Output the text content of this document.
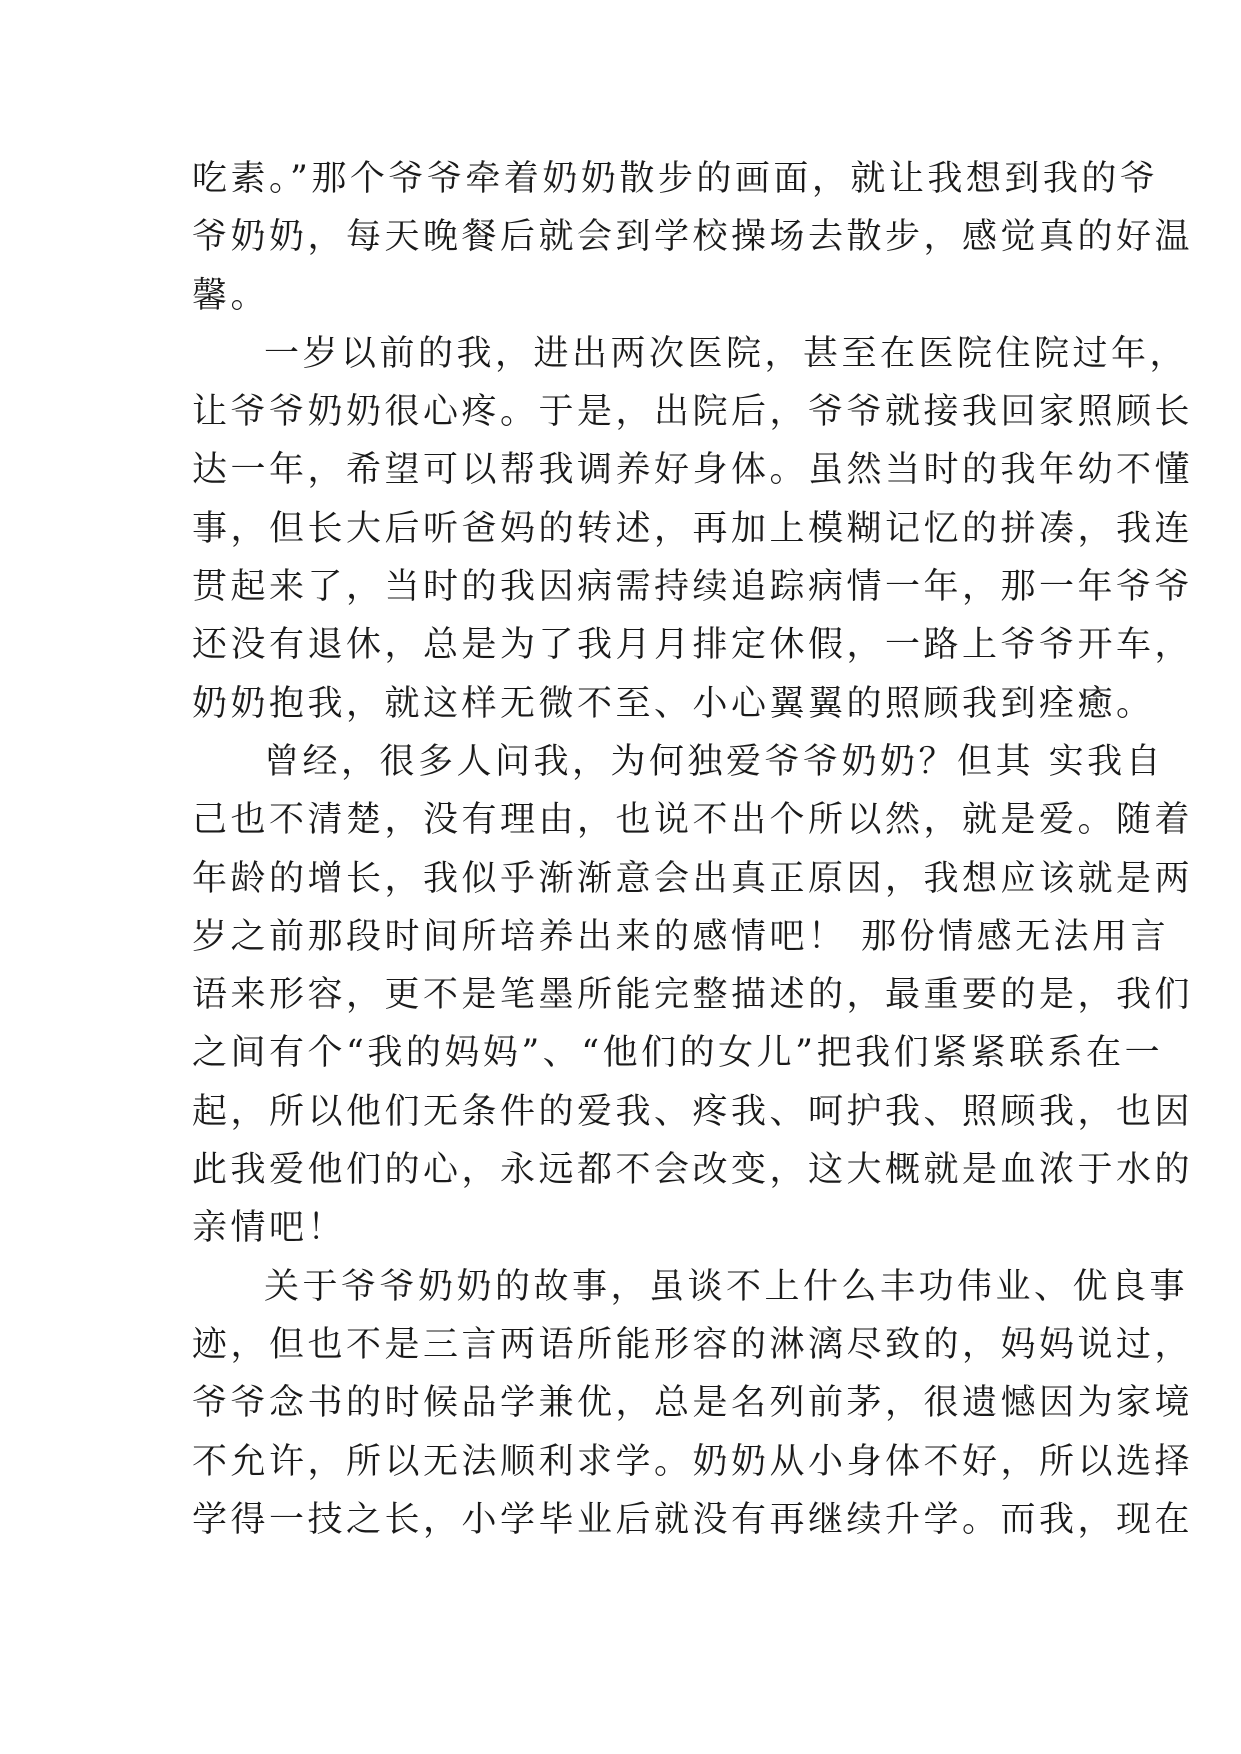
吃素。”那个爷爷牵着奶奶散步的画面，就让我想到我的爷
爷奶奶，每天晚餐后就会到学校操场去散步，感觉真的好温
馨。
一岁以前的我，进出两次医院，甚至在医院住院过年，
让爷爷奶奶很心疼。于是，出院后，爷爷就接我回家照顾长
达一年，希望可以帮我调养好身体。虽然当时的我年幼不懂
事，但长大后听爸妈的转述，再加上模糊记忆的拼凑，我连
贯起来了，当时的我因病需持续追踪病情一年，那一年爷爷
还没有退休，总是为了我月月排定休假，一路上爷爷开车，
奶奶抱我，就这样无微不至、小心翼翼的照顾我到痊癒。
曾经，很多人问我，为何独爱爷爷奶奶？但其 实我自
己也不清楚，没有理由，也说不出个所以然，就是爱。随着
年龄的增长，我似乎渐渐意会出真正原因，我想应该就是两
岁之前那段时间所培养出来的感情吧！ 那份情感无法用言
语来形容，更不是笔墨所能完整描述的，最重要的是，我们
之间有个“我的妈妈”、“他们的女儿”把我们紧紧联系在一
起，所以他们无条件的爱我、疼我、呵护我、照顾我，也因
此我爱他们的心，永远都不会改变，这大概就是血浓于水的
亲情吧！
关于爷爷奶奶的故事，虽谈不上什么丰功伟业、优良事
迹，但也不是三言两语所能形容的淋漓尽致的，妈妈说过，
爷爷念书的时候品学兼优，总是名列前茅，很遗憾因为家境
不允许，所以无法顺利求学。奶奶从小身体不好，所以选择
学得一技之长，小学毕业后就没有再继续升学。而我，现在
